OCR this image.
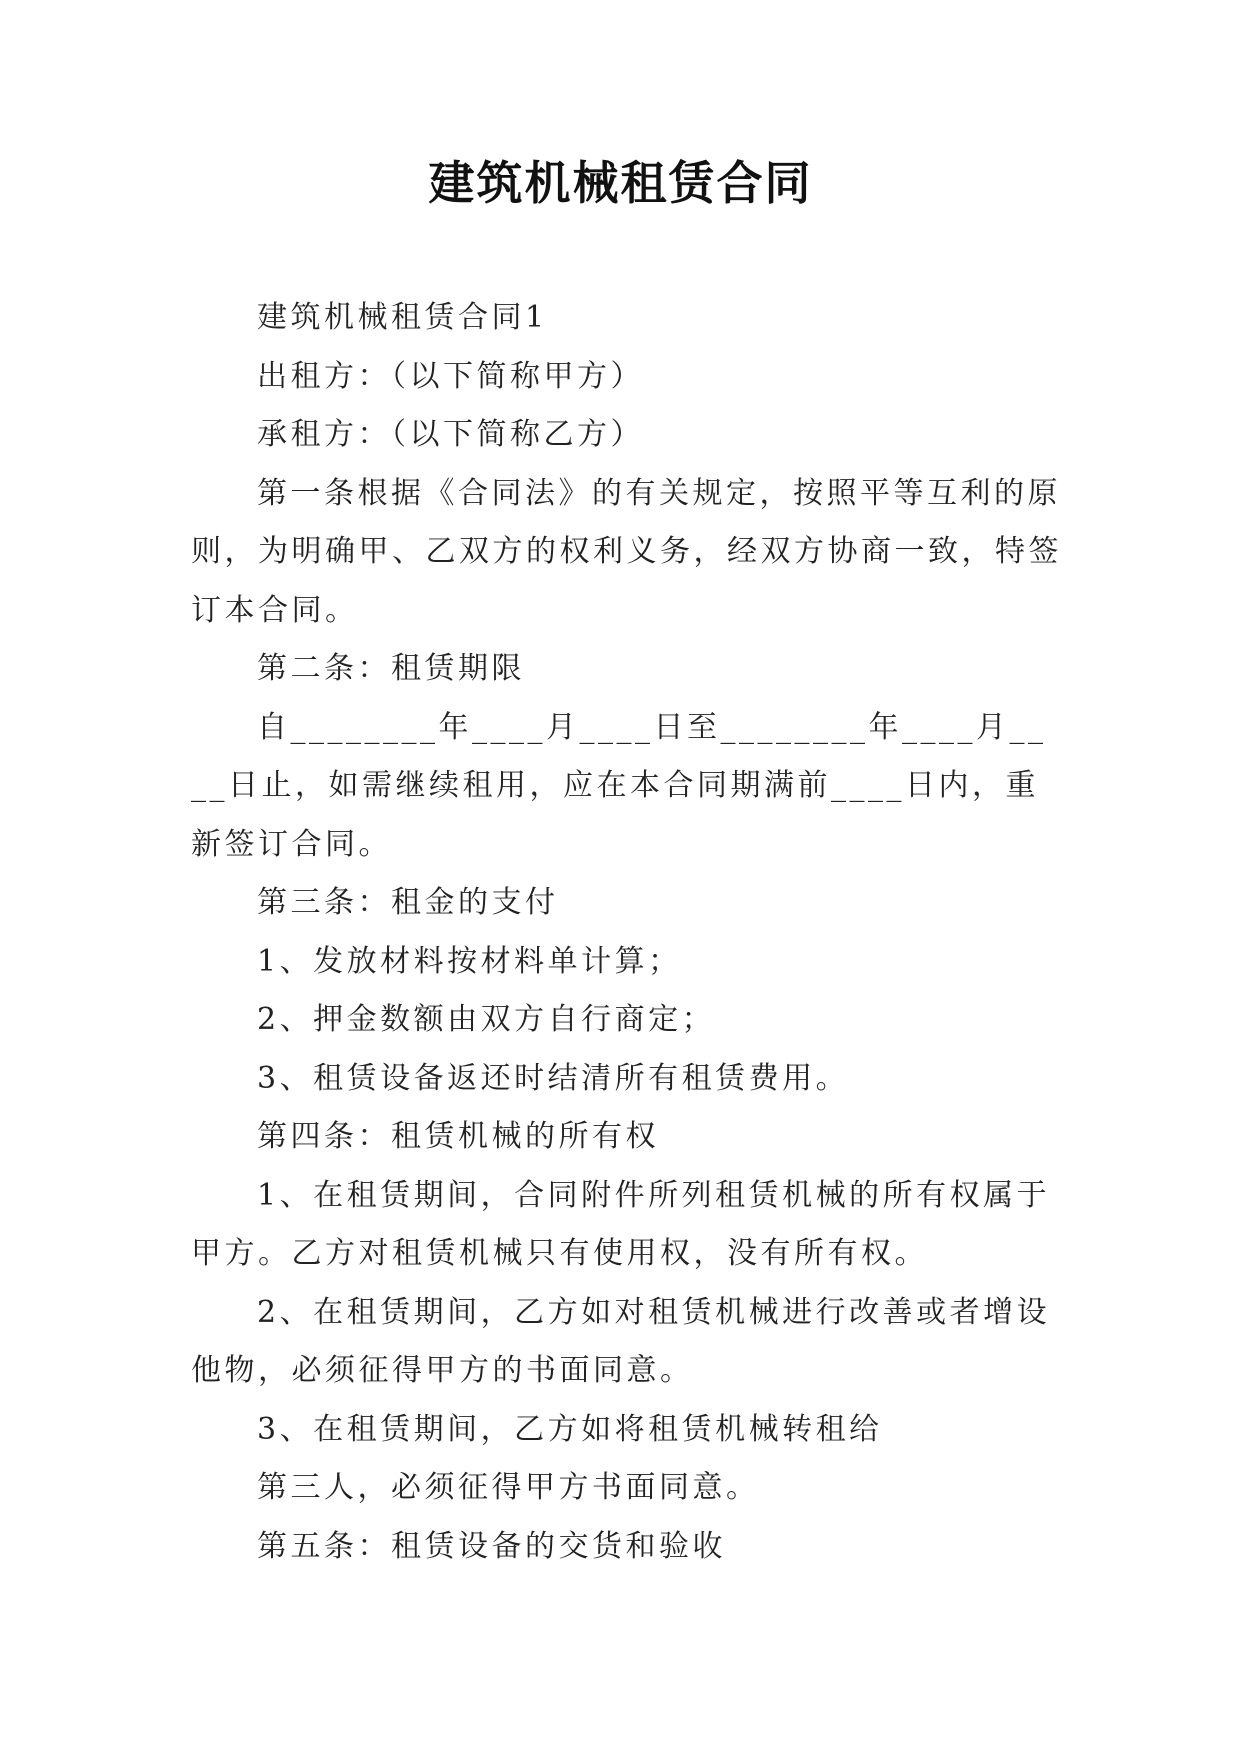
建筑机械租赁合同

建筑机械租赁合同1

出租方：（以下简称甲方）

承租方：（以下简称乙方）

第一条根据《合同法》的有关规定，按照平等互利的原则，为明确甲、乙双方的权利义务，经双方协商一致，特签订本合同。

第二条：租赁期限

自________年____月____日至________年____月____日止，如需继续租用，应在本合同期满前____日内，重新签订合同。

第三条：租金的支付

1、发放材料按材料单计算；

2、押金数额由双方自行商定；

3、租赁设备返还时结清所有租赁费用。

第四条：租赁机械的所有权

1、在租赁期间，合同附件所列租赁机械的所有权属于甲方。乙方对租赁机械只有使用权，没有所有权。

2、在租赁期间，乙方如对租赁机械进行改善或者增设他物，必须征得甲方的书面同意。

3、在租赁期间，乙方如将租赁机械转租给

第三人，必须征得甲方书面同意。

第五条：租赁设备的交货和验收
